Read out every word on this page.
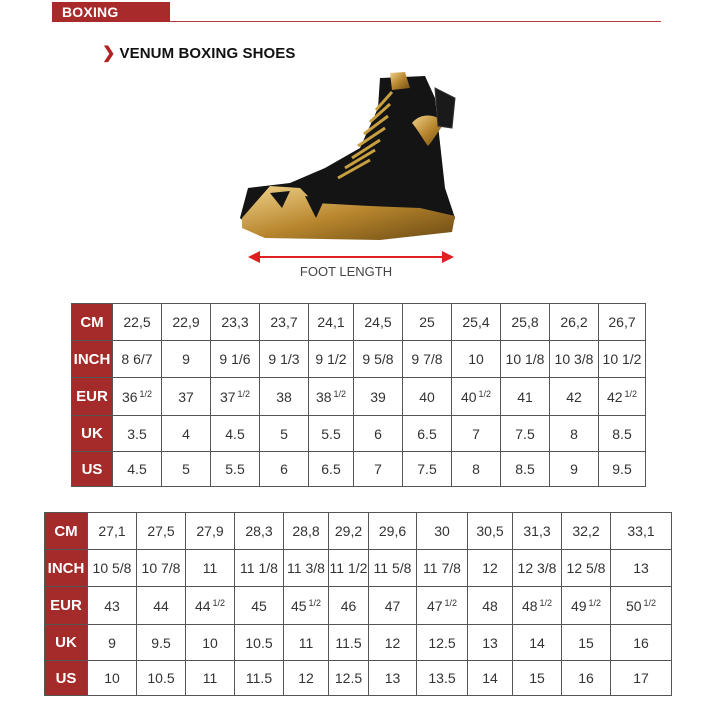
BOXING SHOES
❯ VENUM BOXING SHOES
FOOT LENGTH
CM	22,5	22,9	23,3	23,7	24,1	24,5	25	25,4	25,8	26,2	26,7
INCH	8 6/7	9	9 1/6	9 1/3	9 1/2	9 5/8	9 7/8	10	10 1/8	10 3/8	10 1/2
EUR	36 $^{1/2}$	37	37 $^{1/2}$	38	38 $^{1/2}$	39	40	40 $^{1/2}$	41	42	42 $^{1/2}$
UK	3.5	4	4.5	5	5.5	6	6.5	7	7.5	8	8.5
US	4.5	5	5.5	6	6.5	7	7.5	8	8.5	9	9.5
CM	27,1	27,5	27,9	28,3	28,8	29,2	29,6	30	30,5	31,3	32,2	33,1
INCH	10 5/8	10 7/8	11	11 1/8	11 3/8	11 1/2	11 5/8	11 7/8	12	12 3/8	12 5/8	13
EUR	43	44	44 $^{1/2}$	45	45 $^{1/2}$	46	47	47 $^{1/2}$	48	48 $^{1/2}$	49 $^{1/2}$	50 $^{1/2}$
UK	9	9.5	10	10.5	11	11.5	12	12.5	13	14	15	16
US	10	10.5	11	11.5	12	12.5	13	13.5	14	15	16	17
